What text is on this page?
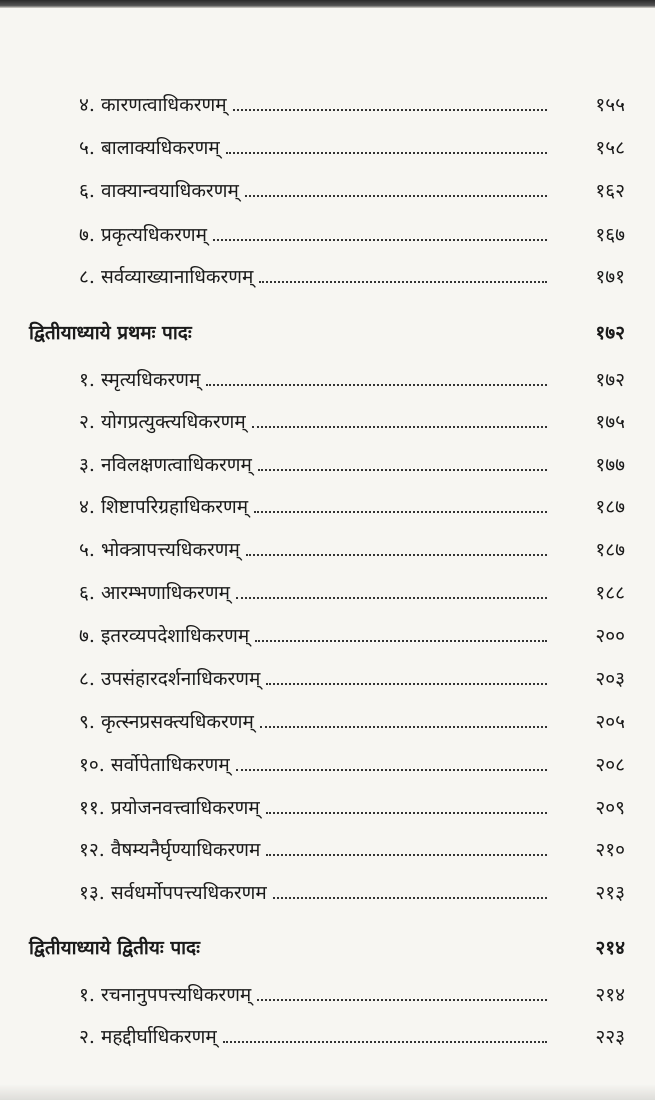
४. कारणत्वाधिकरणम्	१५५
५. बालाक्यधिकरणम्	१५८
६. वाक्यान्वयाधिकरणम्	१६२
७. प्रकृत्यधिकरणम्	१६७
८. सर्वव्याख्यानाधिकरणम्	१७१
द्वितीयाध्याये प्रथमः पादः	१७२
१. स्मृत्यधिकरणम्	१७२
२. योगप्रत्युक्त्यधिकरणम्	१७५
३. नविलक्षणत्वाधिकरणम्	१७७
४. शिष्टापरिग्रहाधिकरणम्	१८७
५. भोक्त्रापत्त्यधिकरणम्	१८७
६. आरम्भणाधिकरणम्	१८८
७. इतरव्यपदेशाधिकरणम्	२००
८. उपसंहारदर्शनाधिकरणम्	२०३
९. कृत्स्नप्रसक्त्यधिकरणम्	२०५
१०. सर्वोपेताधिकरणम्	२०८
११. प्रयोजनवत्त्वाधिकरणम्	२०९
१२. वैषम्यनैर्घृण्याधिकरणम	२१०
१३. सर्वधर्मोपपत्त्यधिकरणम	२१३
द्वितीयाध्याये द्वितीयः पादः	२१४
१. रचनानुपपत्त्यधिकरणम्	२१४
२. महद्दीर्घाधिकरणम्	२२३
